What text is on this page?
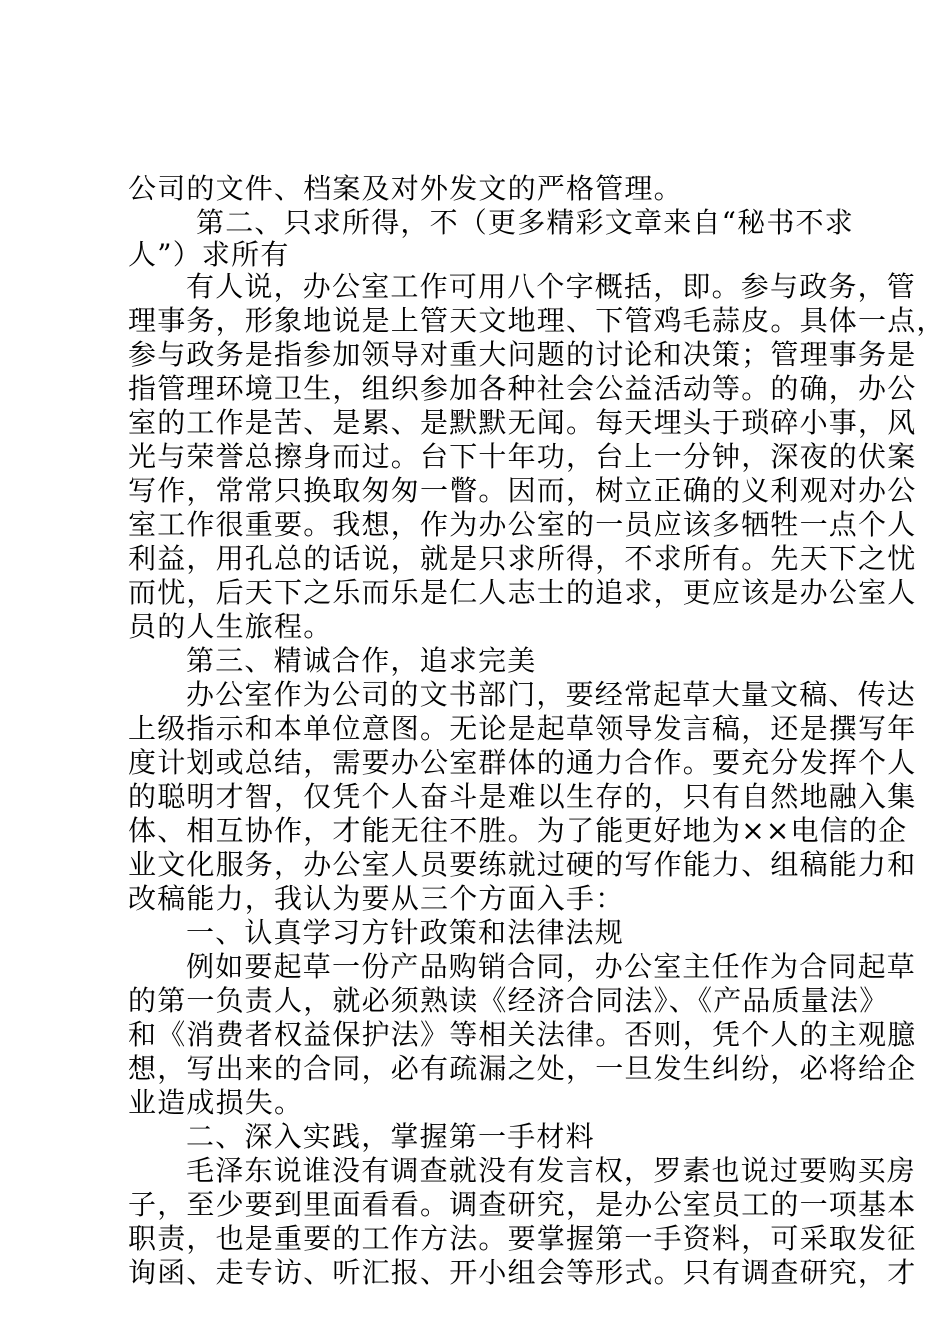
公司的文件、档案及对外发文的严格管理。
第二、只求所得，不（更多精彩文章来自“秘书不求
人”）求所有
有人说，办公室工作可用八个字概括，即。参与政务，管
理事务，形象地说是上管天文地理、下管鸡毛蒜皮。具体一点，
参与政务是指参加领导对重大问题的讨论和决策；管理事务是
指管理环境卫生，组织参加各种社会公益活动等。的确，办公
室的工作是苦、是累、是默默无闻。每天埋头于琐碎小事，风
光与荣誉总擦身而过。台下十年功，台上一分钟，深夜的伏案
写作，常常只换取匆匆一瞥。因而，树立正确的义利观对办公
室工作很重要。我想，作为办公室的一员应该多牺牲一点个人
利益，用孔总的话说，就是只求所得，不求所有。先天下之忧
而忧，后天下之乐而乐是仁人志士的追求，更应该是办公室人
员的人生旅程。
第三、精诚合作，追求完美
办公室作为公司的文书部门，要经常起草大量文稿、传达
上级指示和本单位意图。无论是起草领导发言稿，还是撰写年
度计划或总结，需要办公室群体的通力合作。要充分发挥个人
的聪明才智，仅凭个人奋斗是难以生存的，只有自然地融入集
体、相互协作，才能无往不胜。为了能更好地为××电信的企
业文化服务，办公室人员要练就过硬的写作能力、组稿能力和
改稿能力，我认为要从三个方面入手：
一、认真学习方针政策和法律法规
例如要起草一份产品购销合同，办公室主任作为合同起草
的第一负责人，就必须熟读《经济合同法》、《产品质量法》
和《消费者权益保护法》等相关法律。否则，凭个人的主观臆
想，写出来的合同，必有疏漏之处，一旦发生纠纷，必将给企
业造成损失。
二、深入实践，掌握第一手材料
毛泽东说谁没有调查就没有发言权，罗素也说过要购买房
子，至少要到里面看看。调查研究，是办公室员工的一项基本
职责，也是重要的工作方法。要掌握第一手资料，可采取发征
询函、走专访、听汇报、开小组会等形式。只有调查研究，才
